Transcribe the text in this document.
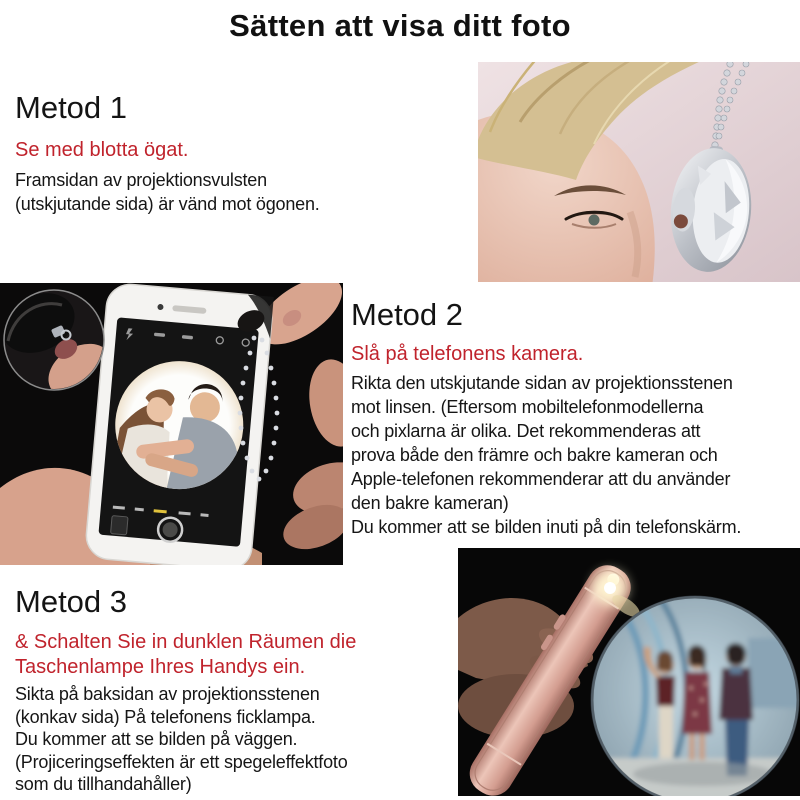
Sätten att visa ditt foto
Metod 1
Se med blotta ögat.
Framsidan av projektionsvulsten
(utskjutande sida) är vänd mot ögonen.
Metod 2
Slå på telefonens kamera.
Rikta den utskjutande sidan av projektionsstenen
mot linsen. (Eftersom mobiltelefonmodellerna
och pixlarna är olika. Det rekommenderas att
prova både den främre och bakre kameran och
Apple-telefonen rekommenderar att du använder
den bakre kameran)
Du kommer att se bilden inuti på din telefonskärm.
Metod 3
& Schalten Sie in dunklen Räumen die
Taschenlampe Ihres Handys ein.
Sikta på baksidan av projektionsstenen
(konkav sida) På telefonens ficklampa.
Du kommer att se bilden på väggen.
(Projiceringseffekten är ett spegeleffektfoto
som du tillhandahåller)
